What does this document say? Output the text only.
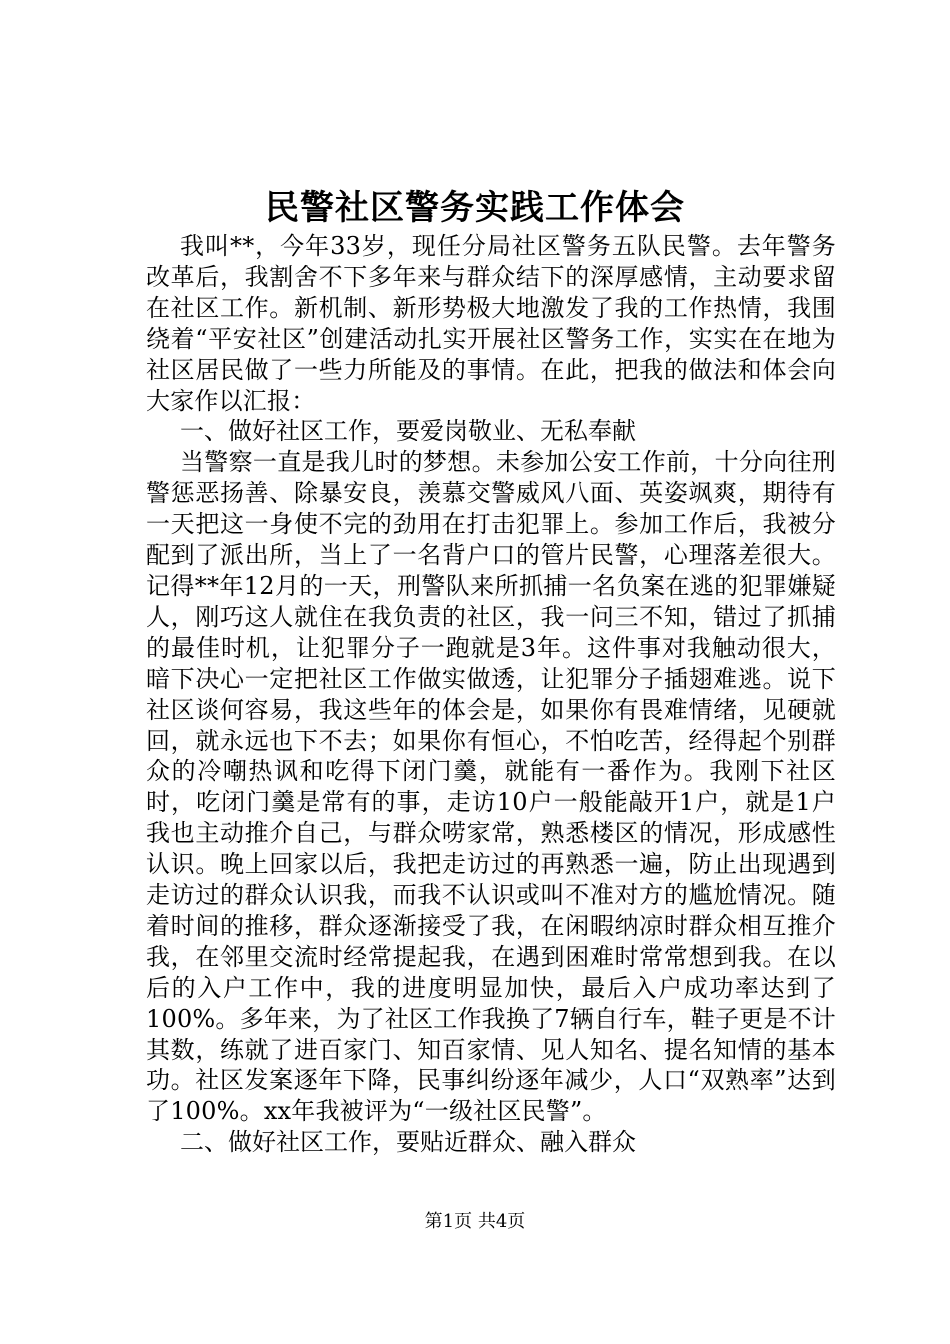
民警社区警务实践工作体会

我叫**，今年33岁，现任分局社区警务五队民警。去年警务改革后，我割舍不下多年来与群众结下的深厚感情，主动要求留在社区工作。新机制、新形势极大地激发了我的工作热情，我围绕着“平安社区”创建活动扎实开展社区警务工作，实实在在地为社区居民做了一些力所能及的事情。在此，把我的做法和体会向大家作以汇报：

一、做好社区工作，要爱岗敬业、无私奉献

当警察一直是我儿时的梦想。未参加公安工作前，十分向往刑警惩恶扬善、除暴安良，羡慕交警威风八面、英姿飒爽，期待有一天把这一身使不完的劲用在打击犯罪上。参加工作后，我被分配到了派出所，当上了一名背户口的管片民警，心理落差很大。记得**年12月的一天，刑警队来所抓捕一名负案在逃的犯罪嫌疑人，刚巧这人就住在我负责的社区，我一问三不知，错过了抓捕的最佳时机，让犯罪分子一跑就是3年。这件事对我触动很大，暗下决心一定把社区工作做实做透，让犯罪分子插翅难逃。说下社区谈何容易，我这些年的体会是，如果你有畏难情绪，见硬就回，就永远也下不去；如果你有恒心，不怕吃苦，经得起个别群众的冷嘲热讽和吃得下闭门羹，就能有一番作为。我刚下社区时，吃闭门羹是常有的事，走访10户一般能敲开1户，就是1户我也主动推介自己，与群众唠家常，熟悉楼区的情况，形成感性认识。晚上回家以后，我把走访过的再熟悉一遍，防止出现遇到走访过的群众认识我，而我不认识或叫不准对方的尴尬情况。随着时间的推移，群众逐渐接受了我，在闲暇纳凉时群众相互推介我，在邻里交流时经常提起我，在遇到困难时常常想到我。在以后的入户工作中，我的进度明显加快，最后入户成功率达到了100%。多年来，为了社区工作我换了7辆自行车，鞋子更是不计其数，练就了进百家门、知百家情、见人知名、提名知情的基本功。社区发案逐年下降，民事纠纷逐年减少，人口“双熟率”达到了100%。xx年我被评为“一级社区民警”。

二、做好社区工作，要贴近群众、融入群众

第1页 共4页
